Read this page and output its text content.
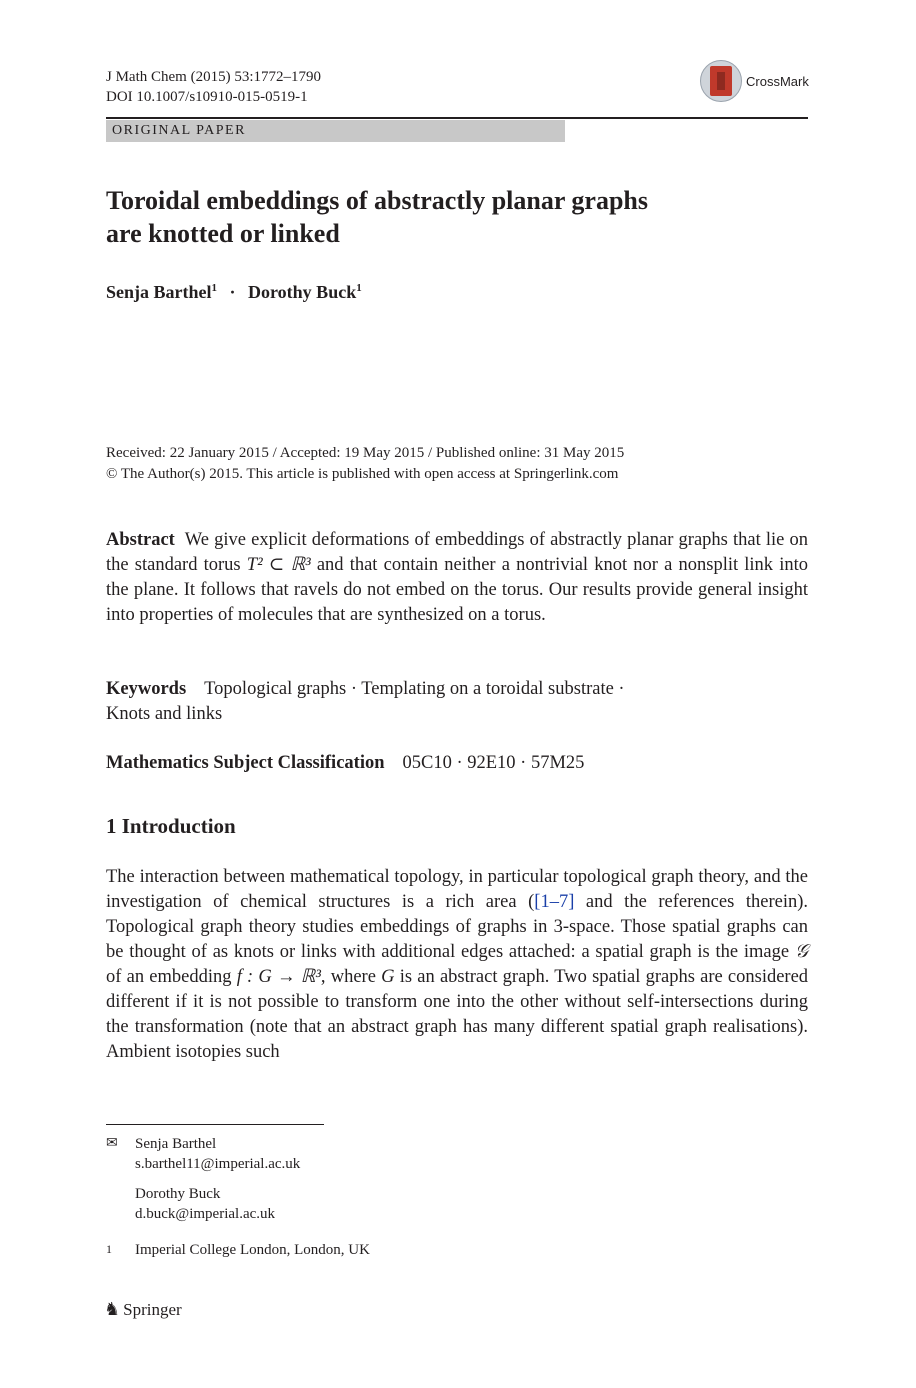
J Math Chem (2015) 53:1772–1790
DOI 10.1007/s10910-015-0519-1
CrossMark
ORIGINAL PAPER
Toroidal embeddings of abstractly planar graphs
are knotted or linked
Senja Barthel$^1$ · Dorothy Buck$^1$
Received: 22 January 2015 / Accepted: 19 May 2015 / Published online: 31 May 2015
© The Author(s) 2015. This article is published with open access at Springerlink.com
Abstract We give explicit deformations of embeddings of abstractly planar graphs that lie on the standard torus T² ⊂ ℝ³ and that contain neither a nontrivial knot nor a nonsplit link into the plane. It follows that ravels do not embed on the torus. Our results provide general insight into properties of molecules that are synthesized on a torus.
Keywords Topological graphs · Templating on a toroidal substrate ·
Knots and links
Mathematics Subject Classification 05C10 · 92E10 · 57M25
1 Introduction
The interaction between mathematical topology, in particular topological graph theory, and the investigation of chemical structures is a rich area ([1–7] and the references therein). Topological graph theory studies embeddings of graphs in 3-space. Those spatial graphs can be thought of as knots or links with additional edges attached: a spatial graph is the image 𝒢 of an embedding f : G → ℝ³, where G is an abstract graph. Two spatial graphs are considered different if it is not possible to transform one into the other without self-intersections during the transformation (note that an abstract graph has many different spatial graph realisations). Ambient isotopies such
✉	Senja Barthel
s.barthel11@imperial.ac.uk
Dorothy Buck
d.buck@imperial.ac.uk
1 Imperial College London, London, UK
♞ Springer
